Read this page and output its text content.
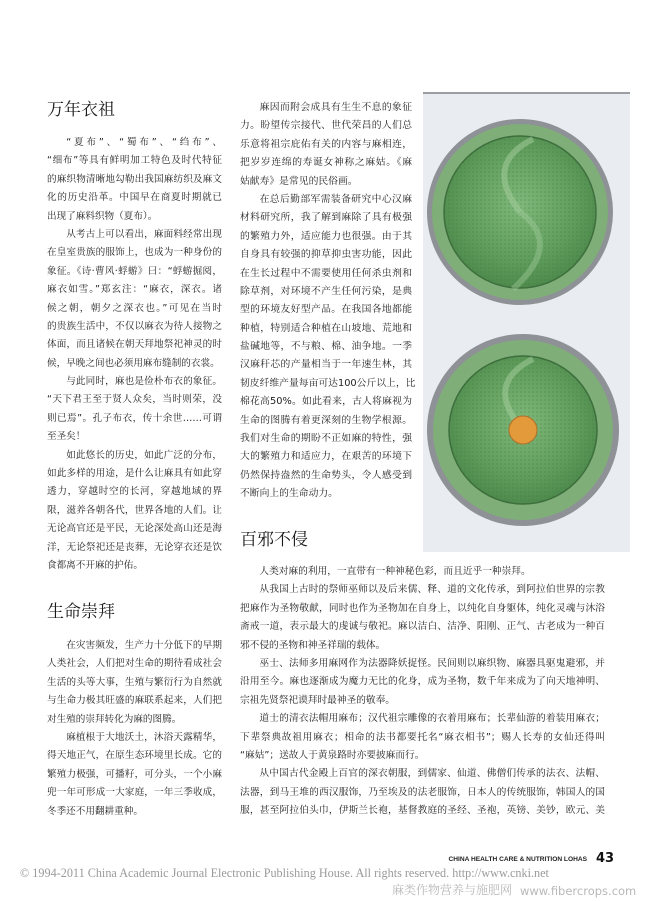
万年衣祖
“夏布”、“蜀布”、“绉布”、
“细布”等具有鲜明加工特色及时代特征
的麻织物清晰地勾勒出我国麻纺织及麻文
化的历史沿革。中国早在商夏时期就已
出现了麻料织物（夏布）。
从考古上可以看出，麻面料经常出现
在皇室贵族的服饰上，也成为一种身份的
象征。《诗·曹风·蜉蝣》曰：“蜉蝣掘阅，
麻衣如雪。”郑玄注：“麻衣，深衣。诸
候之朝，朝夕之深衣也。”可见在当时
的贵族生活中，不仅以麻衣为待人接物之
体面，而且诸候在朝天拜地祭祀神灵的时
候，早晚之间也必须用麻布缝制的衣裳。
与此同时，麻也是俭朴布衣的象征。
“天下君王至于贤人众矣，当时则荣，没
则已焉”。孔子布衣，传十余世……可谓
至圣矣！
如此悠长的历史，如此广泛的分布，
如此多样的用途，是什么让麻具有如此穿
透力，穿越时空的长河，穿越地域的界
限，滋养各朝各代，世界各地的人们。让
无论高官还是平民，无论深处高山还是海
洋，无论祭祀还是丧葬，无论穿衣还是饮
食都离不开麻的护佑。
生命崇拜
在灾害频发，生产力十分低下的早期
人类社会，人们把对生命的期待看成社会
生活的头等大事，生殖与繁衍行为自然就
与生命力极其旺盛的麻联系起来，人们把
对生殖的崇拜转化为麻的图腾。
麻植根于大地沃土，沐浴天露精华，
得天地正气，在原生态环境里长成。它的
繁殖力极强，可播籽，可分头，一个小麻
兜一年可形成一大家庭，一年三季收成，
冬季还不用翻耕重种。
麻因而附会成具有生生不息的象征
力。盼望传宗接代、世代荣昌的人们总
乐意将祖宗庇佑有关的内容与麻相连，
把岁岁连绵的寿诞女神称之麻姑。《麻
姑献寿》是常见的民俗画。
在总后勤部军需装备研究中心汉麻
材料研究所，我了解到麻除了具有极强
的繁殖力外，适应能力也很强。由于其
自身具有较强的抑草抑虫害功能，因此
在生长过程中不需要使用任何杀虫剂和
除草剂，对环境不产生任何污染，是典
型的环境友好型产品。在我国各地都能
种植，特别适合种植在山坡地、荒地和
盐碱地等，不与粮、棉、油争地。一季
汉麻秆芯的产量相当于一年速生林，其
韧皮纤维产量每亩可达100公斤以上，比
棉花高50%。如此看来，古人将麻视为
生命的图腾有着更深刻的生物学根源。
我们对生命的期盼不正如麻的特性，强
大的繁殖力和适应力，在艰苦的环境下
仍然保持盎然的生命势头，令人感受到
不断向上的生命动力。
百邪不侵
人类对麻的利用，一直带有一种神秘色彩，而且近乎一种崇拜。
从我国上古时的祭师巫师以及后来儒、释、道的文化传承，到阿拉伯世界的宗教
把麻作为圣物敬献，同时也作为圣物加在自身上，以纯化自身躯体，纯化灵魂与沐浴
斋戒一道，表示最大的虔诚与敬祀。麻以洁白、洁净、阳刚、正气、古老成为一种百
邪不侵的圣物和神圣祥瑞的载体。
巫士、法师多用麻网作为法器降妖捉怪。民间则以麻织物、麻器具驱鬼避邪，并
沿用至今。麻也逐渐成为魔力无比的化身，成为圣物，数千年来成为了向天地神明、
宗祖先贤祭祀谟拜时最神圣的敬奉。
道士的清衣法帽用麻布；汉代祖宗雕像的衣着用麻布；长辈仙游的着装用麻衣；
下辈祭典故祖用麻衣；相命的法书都要托名“麻衣相书”；赐人长寿的女仙还得叫
“麻姑”；送故人于黄泉路时亦要披麻而行。
从中国古代金殿上百官的深衣朝服，到儒家、仙道、佛僧们传承的法衣、法帽、
法器，到马王堆的西汉服饰，乃至埃及的法老服饰，日本人的传统服饰，韩国人的国
服，甚至阿拉伯头巾，伊斯兰长袍，基督教庭的圣经、圣袍，英镑、美钞，欧元、美
CHINA HEALTH CARE & NUTRITION LOHAS 43
© 1994-2011 China Academic Journal Electronic Publishing House. All rights reserved. http://www.cnki.net
麻类作物营养与施肥网 www.fibercrops.com
